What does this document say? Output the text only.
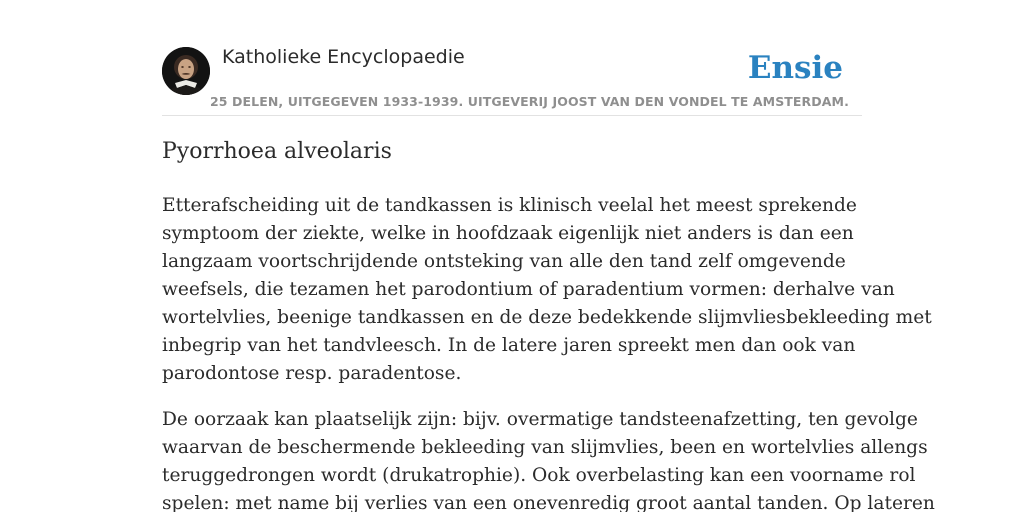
Katholieke Encyclopaedie
25 DELEN, UITGEGEVEN 1933-1939. UITGEVERIJ JOOST VAN DEN VONDEL TE AMSTERDAM.
Ensie
Pyorrhoea alveolaris

Etterafscheiding uit de tandkassen is klinisch veelal het meest sprekende
symptoom der ziekte, welke in hoofdzaak eigenlijk niet anders is dan een
langzaam voortschrijdende ontsteking van alle den tand zelf omgevende
weefsels, die tezamen het parodontium of paradentium vormen: derhalve van
wortelvlies, beenige tandkassen en de deze bedekkende slijmvliesbekleeding met
inbegrip van het tandvleesch. In de latere jaren spreekt men dan ook van
parodontose resp. paradentose.

De oorzaak kan plaatselijk zijn: bijv. overmatige tandsteenafzetting, ten gevolge
waarvan de beschermende bekleeding van slijmvlies, been en wortelvlies allengs
teruggedrongen wordt (drukatrophie). Ook overbelasting kan een voorname rol
spelen: met name bij verlies van een onevenredig groot aantal tanden. Op lateren
